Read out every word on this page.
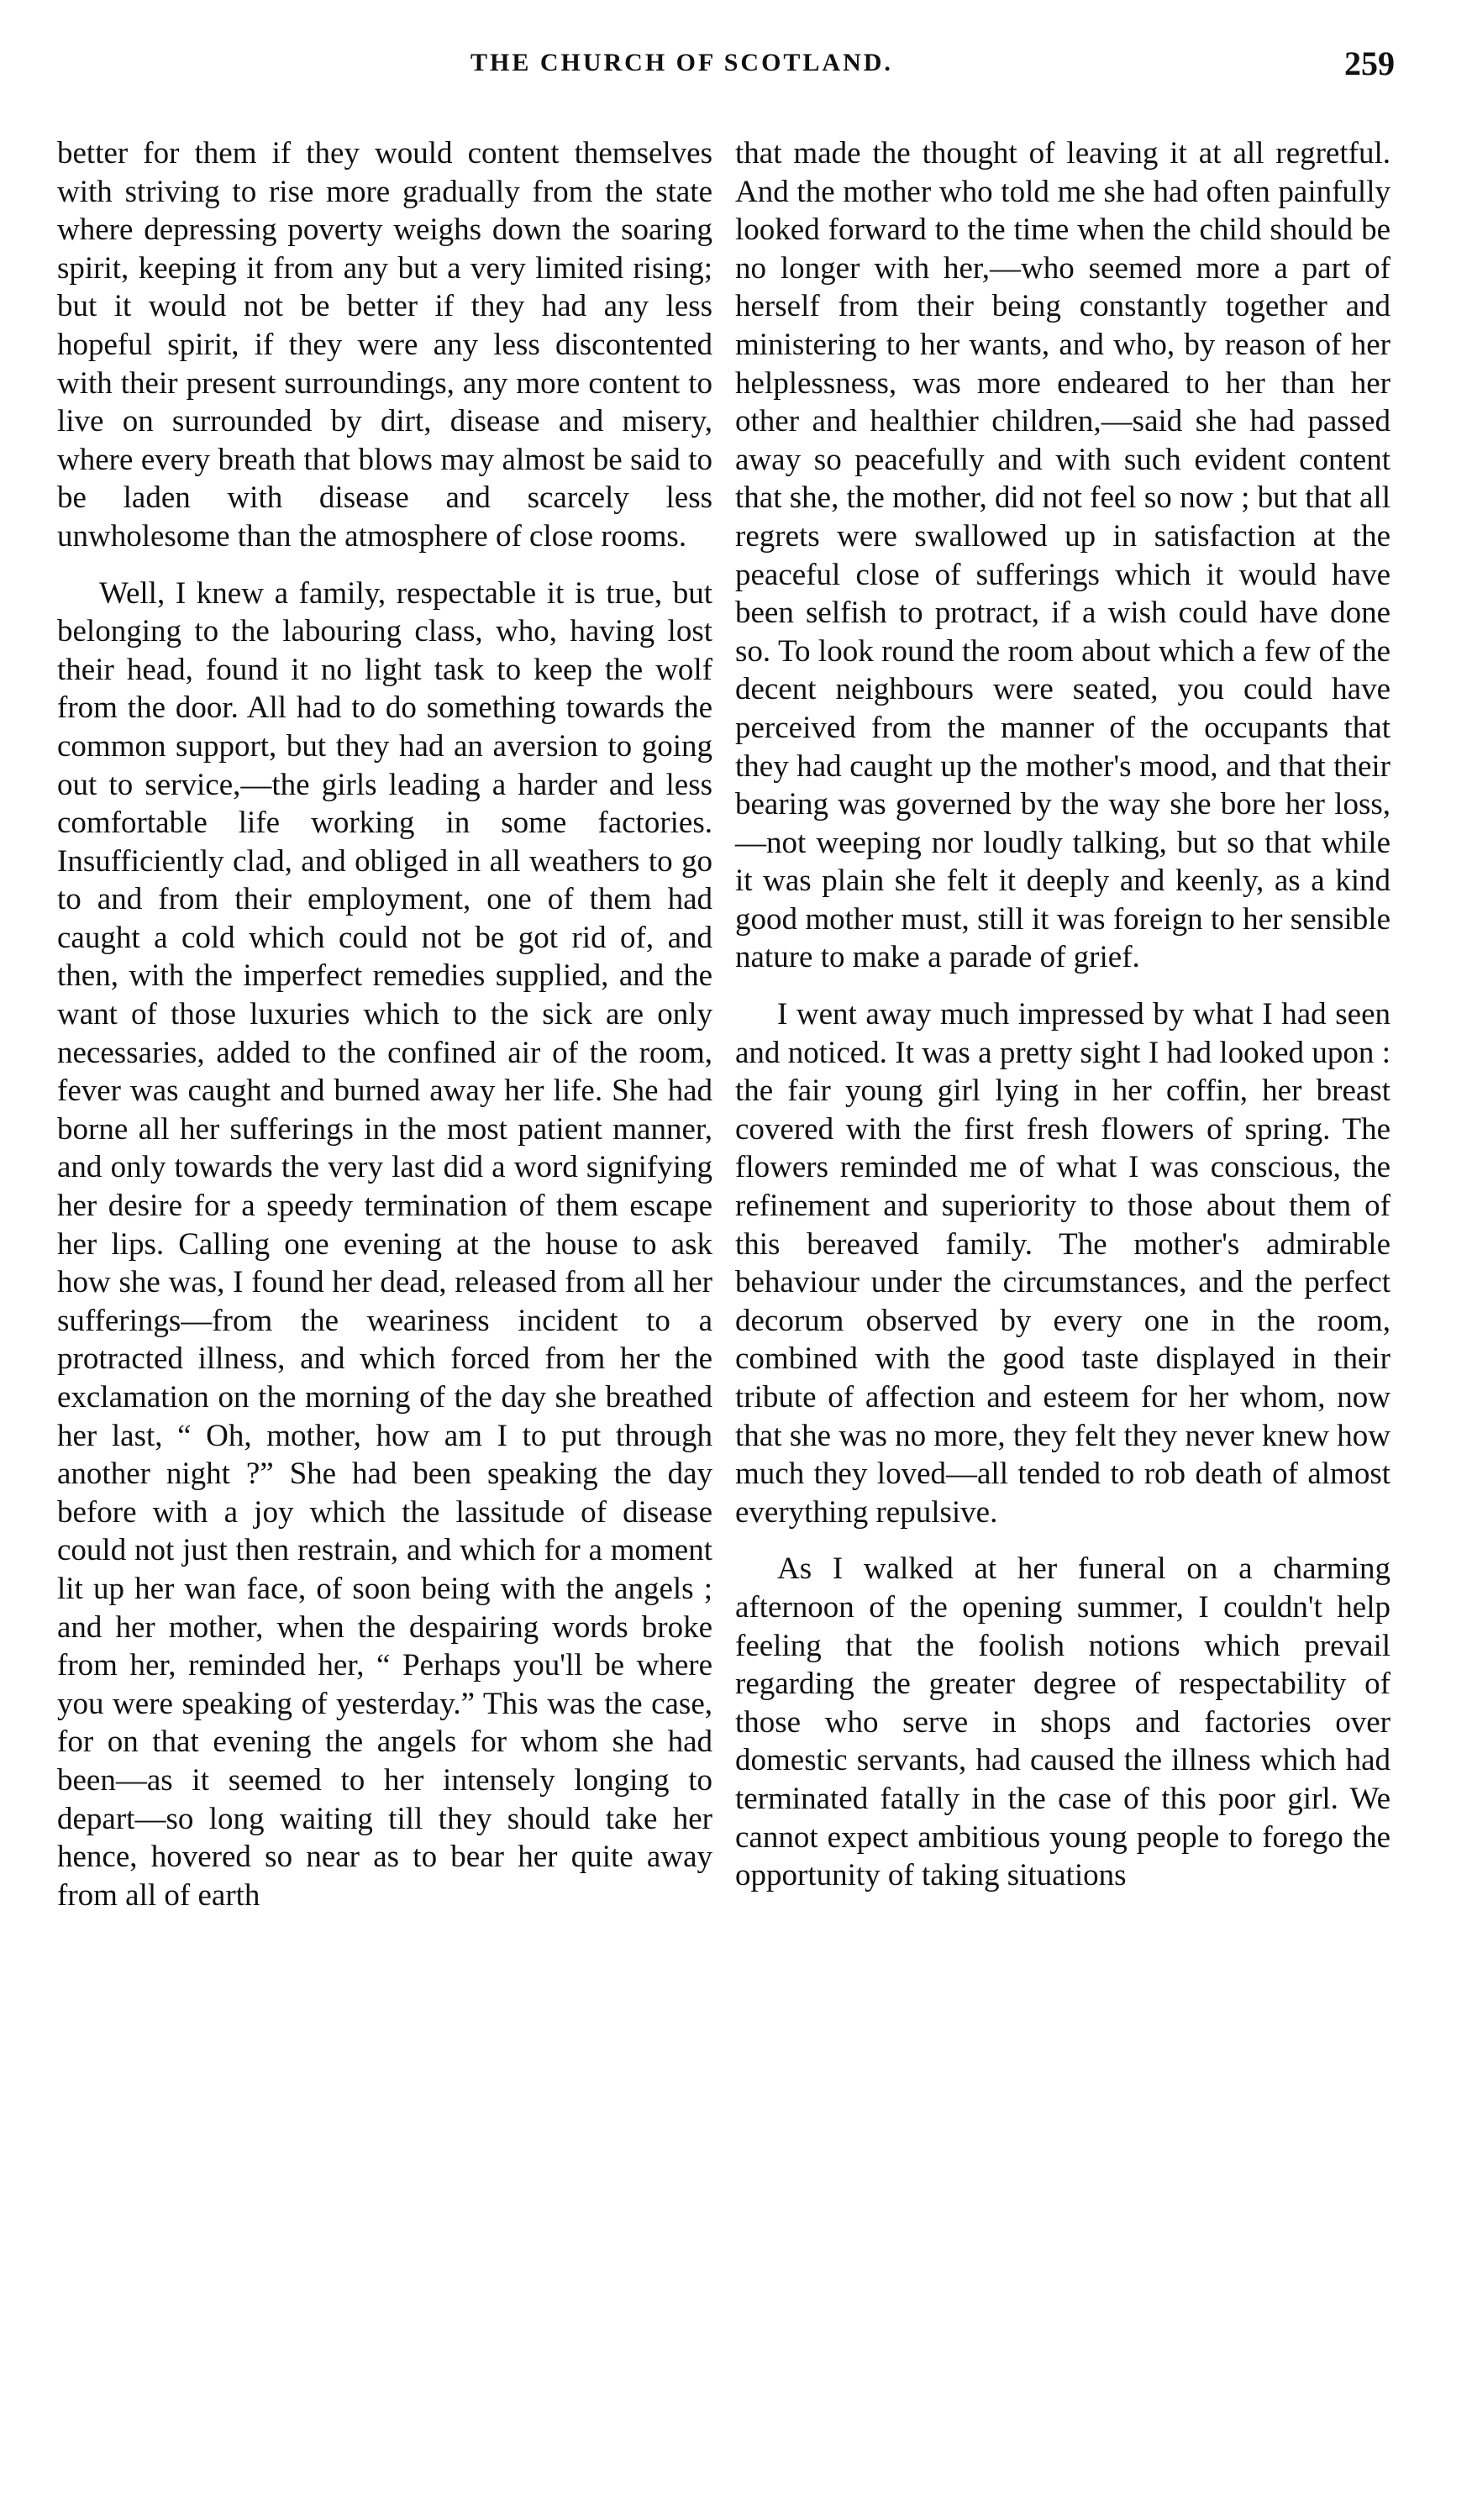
THE CHURCH OF SCOTLAND.	259

better for them if they would content themselves with striving to rise more gradually from the state where depressing poverty weighs down the soaring spirit, keeping it from any but a very limited rising; but it would not be better if they had any less hopeful spirit, if they were any less discontented with their present surroundings, any more content to live on surrounded by dirt, disease and misery, where every breath that blows may almost be said to be laden with disease and scarcely less unwholesome than the atmosphere of close rooms.

Well, I knew a family, respectable it is true, but belonging to the labouring class, who, having lost their head, found it no light task to keep the wolf from the door. All had to do something towards the common support, but they had an aversion to going out to service,—the girls leading a harder and less comfortable life working in some factories. Insufficiently clad, and obliged in all weathers to go to and from their employment, one of them had caught a cold which could not be got rid of, and then, with the imperfect remedies supplied, and the want of those luxuries which to the sick are only necessaries, added to the confined air of the room, fever was caught and burned away her life. She had borne all her sufferings in the most patient manner, and only towards the very last did a word signifying her desire for a speedy termination of them escape her lips. Calling one evening at the house to ask how she was, I found her dead, released from all her sufferings—from the weariness incident to a protracted illness, and which forced from her the exclamation on the morning of the day she breathed her last, “ Oh, mother, how am I to put through another night ?” She had been speaking the day before with a joy which the lassitude of disease could not just then restrain, and which for a moment lit up her wan face, of soon being with the angels ; and her mother, when the despairing words broke from her, reminded her, “ Perhaps you'll be where you were speaking of yesterday.” This was the case, for on that evening the angels for whom she had been—as it seemed to her intensely longing to depart—so long waiting till they should take her hence, hovered so near as to bear her quite away from all of earth

that made the thought of leaving it at all regretful. And the mother who told me she had often painfully looked forward to the time when the child should be no longer with her,—who seemed more a part of herself from their being constantly together and ministering to her wants, and who, by reason of her helplessness, was more endeared to her than her other and healthier children,—said she had passed away so peacefully and with such evident content that she, the mother, did not feel so now ; but that all regrets were swallowed up in satisfaction at the peaceful close of sufferings which it would have been selfish to protract, if a wish could have done so. To look round the room about which a few of the decent neighbours were seated, you could have perceived from the manner of the occupants that they had caught up the mother's mood, and that their bearing was governed by the way she bore her loss,—not weeping nor loudly talking, but so that while it was plain she felt it deeply and keenly, as a kind good mother must, still it was foreign to her sensible nature to make a parade of grief.

I went away much impressed by what I had seen and noticed. It was a pretty sight I had looked upon : the fair young girl lying in her coffin, her breast covered with the first fresh flowers of spring. The flowers reminded me of what I was conscious, the refinement and superiority to those about them of this bereaved family. The mother's admirable behaviour under the circumstances, and the perfect decorum observed by every one in the room, combined with the good taste displayed in their tribute of affection and esteem for her whom, now that she was no more, they felt they never knew how much they loved—all tended to rob death of almost everything repulsive.

As I walked at her funeral on a charming afternoon of the opening summer, I couldn't help feeling that the foolish notions which prevail regarding the greater degree of respectability of those who serve in shops and factories over domestic servants, had caused the illness which had terminated fatally in the case of this poor girl. We cannot expect ambitious young people to forego the opportunity of taking situations
